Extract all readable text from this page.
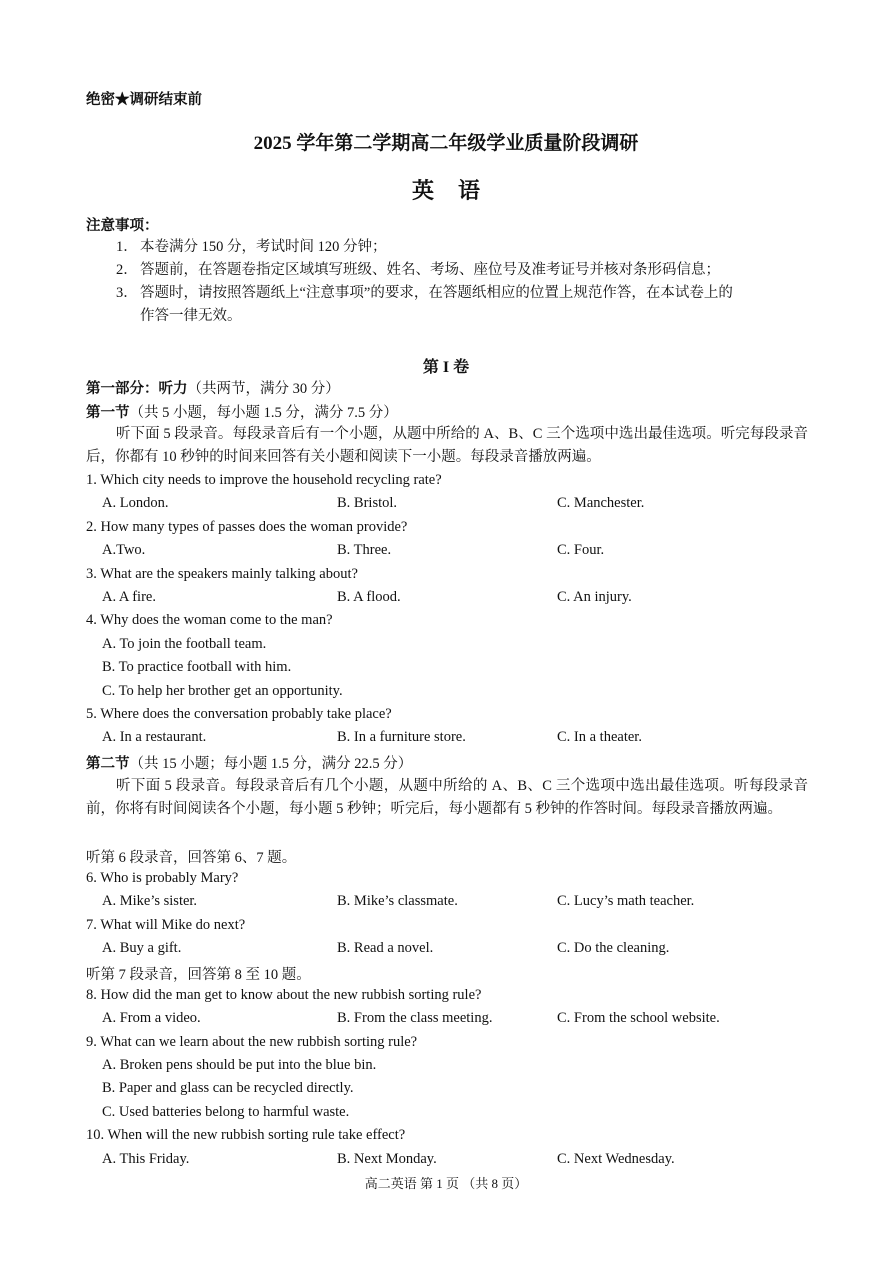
绝密★调研结束前
2025 学年第二学期高二年级学业质量阶段调研
英语
注意事项：
1． 本卷满分 150 分，考试时间 120 分钟；
2． 答题前，在答题卷指定区域填写班级、姓名、考场、座位号及准考证号并核对条形码信息；
3． 答题时，请按照答题纸上“注意事项”的要求，在答题纸相应的位置上规范作答，在本试卷上的
作答一律无效。
第 I 卷
第一部分：听力（共两节，满分 30 分）
第一节（共 5 小题，每小题 1.5 分，满分 7.5 分）
听下面 5 段录音。每段录音后有一个小题，从题中所给的 A、B、C 三个选项中选出最佳选项。听完每段录音后，你都有 10 秒钟的时间来回答有关小题和阅读下一小题。每段录音播放两遍。
1. Which city needs to improve the household recycling rate?
A. London.	B. Bristol.	C. Manchester.
2. How many types of passes does the woman provide?
A.Two.	B. Three.	C. Four.
3. What are the speakers mainly talking about?
A. A fire.	B. A flood.	C. An injury.
4. Why does the woman come to the man?
A. To join the football team.
B. To practice football with him.
C. To help her brother get an opportunity.
5. Where does the conversation probably take place?
A. In a restaurant.	B. In a furniture store.	C. In a theater.
第二节（共 15 小题；每小题 1.5 分，满分 22.5 分）
听下面 5 段录音。每段录音后有几个小题，从题中所给的 A、B、C 三个选项中选出最佳选项。听每段录音前，你将有时间阅读各个小题，每小题 5 秒钟；听完后，每小题都有 5 秒钟的作答时间。每段录音播放两遍。
听第 6 段录音，回答第 6、7 题。
6. Who is probably Mary?
A. Mike’s sister.	B. Mike’s classmate.	C. Lucy’s math teacher.
7. What will Mike do next?
A. Buy a gift.	B. Read a novel.	C. Do the cleaning.
听第 7 段录音，回答第 8 至 10 题。
8. How did the man get to know about the new rubbish sorting rule?
A. From a video.	B. From the class meeting.	C. From the school website.
9. What can we learn about the new rubbish sorting rule?
A. Broken pens should be put into the blue bin.
B. Paper and glass can be recycled directly.
C. Used batteries belong to harmful waste.
10. When will the new rubbish sorting rule take effect?
A. This Friday.	B. Next Monday.	C. Next Wednesday.
高二英语 第 1 页 （共 8 页）
